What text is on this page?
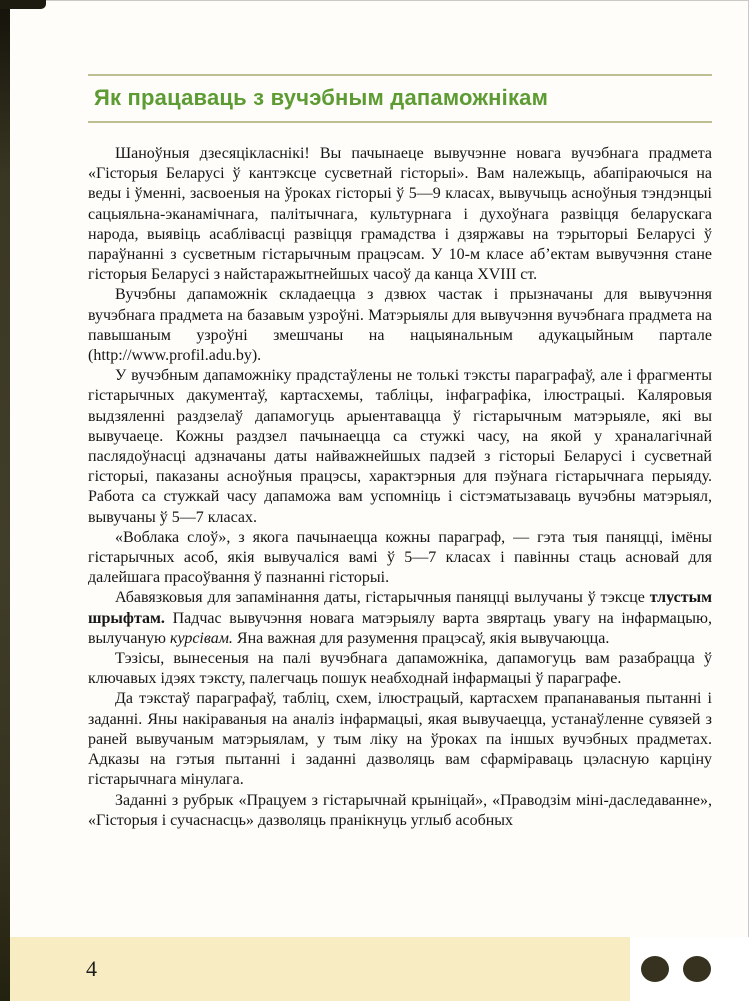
Як працаваць з вучэбным дапаможнікам

Шаноўныя дзесяцікласнікі! Вы пачынаеце вывучэнне новага вучэбнага прадмета «Гісторыя Беларусі ў кантэксце сусветнай гісторыі». Вам належыць, абапіраючыся на веды і ўменні, засвоеныя на ўроках гісторыі ў 5—9 класах, вывучыць асноўныя тэндэнцыі сацыяльна-эканамічнага, палітычнага, культурнага і духоўнага развіцця беларускага народа, выявіць асаблівасці развіцця грамадства і дзяржавы на тэрыторыі Беларусі ў параўнанні з сусветным гістарычным працэсам. У 10-м класе аб’ектам вывучэння стане гісторыя Беларусі з найстаражытнейшых часоў да канца XVIII ст.

Вучэбны дапаможнік складаецца з дзвюх частак і прызначаны для вывучэння вучэбнага прадмета на базавым узроўні. Матэрыялы для вывучэння вучэбнага прадмета на павышаным узроўні змешчаны на нацыянальным адукацыйным партале (http://www.profil.adu.by).

У вучэбным дапаможніку прадстаўлены не толькі тэксты параграфаў, але і фрагменты гістарычных дакументаў, картасхемы, табліцы, інфаграфіка, ілюстрацыі. Каляровыя выдзяленні раздзелаў дапамогуць арыентавацца ў гістарычным матэрыяле, які вы вывучаеце. Кожны раздзел пачынаецца са стужкі часу, на якой у храналагічнай паслядоўнасці адзначаны даты найважнейшых падзей з гісторыі Беларусі і сусветнай гісторыі, паказаны асноўныя працэсы, характэрныя для пэўнага гістарычнага перыяду. Работа са стужкай часу дапаможа вам успомніць і сістэматызаваць вучэбны матэрыял, вывучаны ў 5—7 класах.

«Воблака слоў», з якога пачынаецца кожны параграф, — гэта тыя паняцці, імёны гістарычных асоб, якія вывучаліся вамі ў 5—7 класах і павінны стаць асновай для далейшага прасоўвання ў пазнанні гісторыі.

Абавязковыя для запамінання даты, гістарычныя паняцці вылучаны ў тэксце тлустым шрыфтам. Падчас вывучэння новага матэрыялу варта звяртаць увагу на інфармацыю, вылучаную курсівам. Яна важная для разумення працэсаў, якія вывучаюцца.

Тэзісы, вынесеныя на палі вучэбнага дапаможніка, дапамогуць вам разабрацца ў ключавых ідэях тэксту, палегчаць пошук неабходнай інфармацыі ў параграфе.

Да тэкстаў параграфаў, табліц, схем, ілюстрацый, картасхем прапанаваныя пытанні і заданні. Яны накіраваныя на аналіз інфармацыі, якая вывучаецца, устанаўленне сувязей з раней вывучаным матэрыялам, у тым ліку на ўроках па іншых вучэбных прадметах. Адказы на гэтыя пытанні і заданні дазволяць вам сфарміраваць цэласную карціну гістарычнага мінулага.

Заданні з рубрык «Працуем з гістарычнай крыніцай», «Праводзім міні-даследаванне», «Гісторыя і сучаснасць» дазволяць пранікнуць углыб асобных

4
